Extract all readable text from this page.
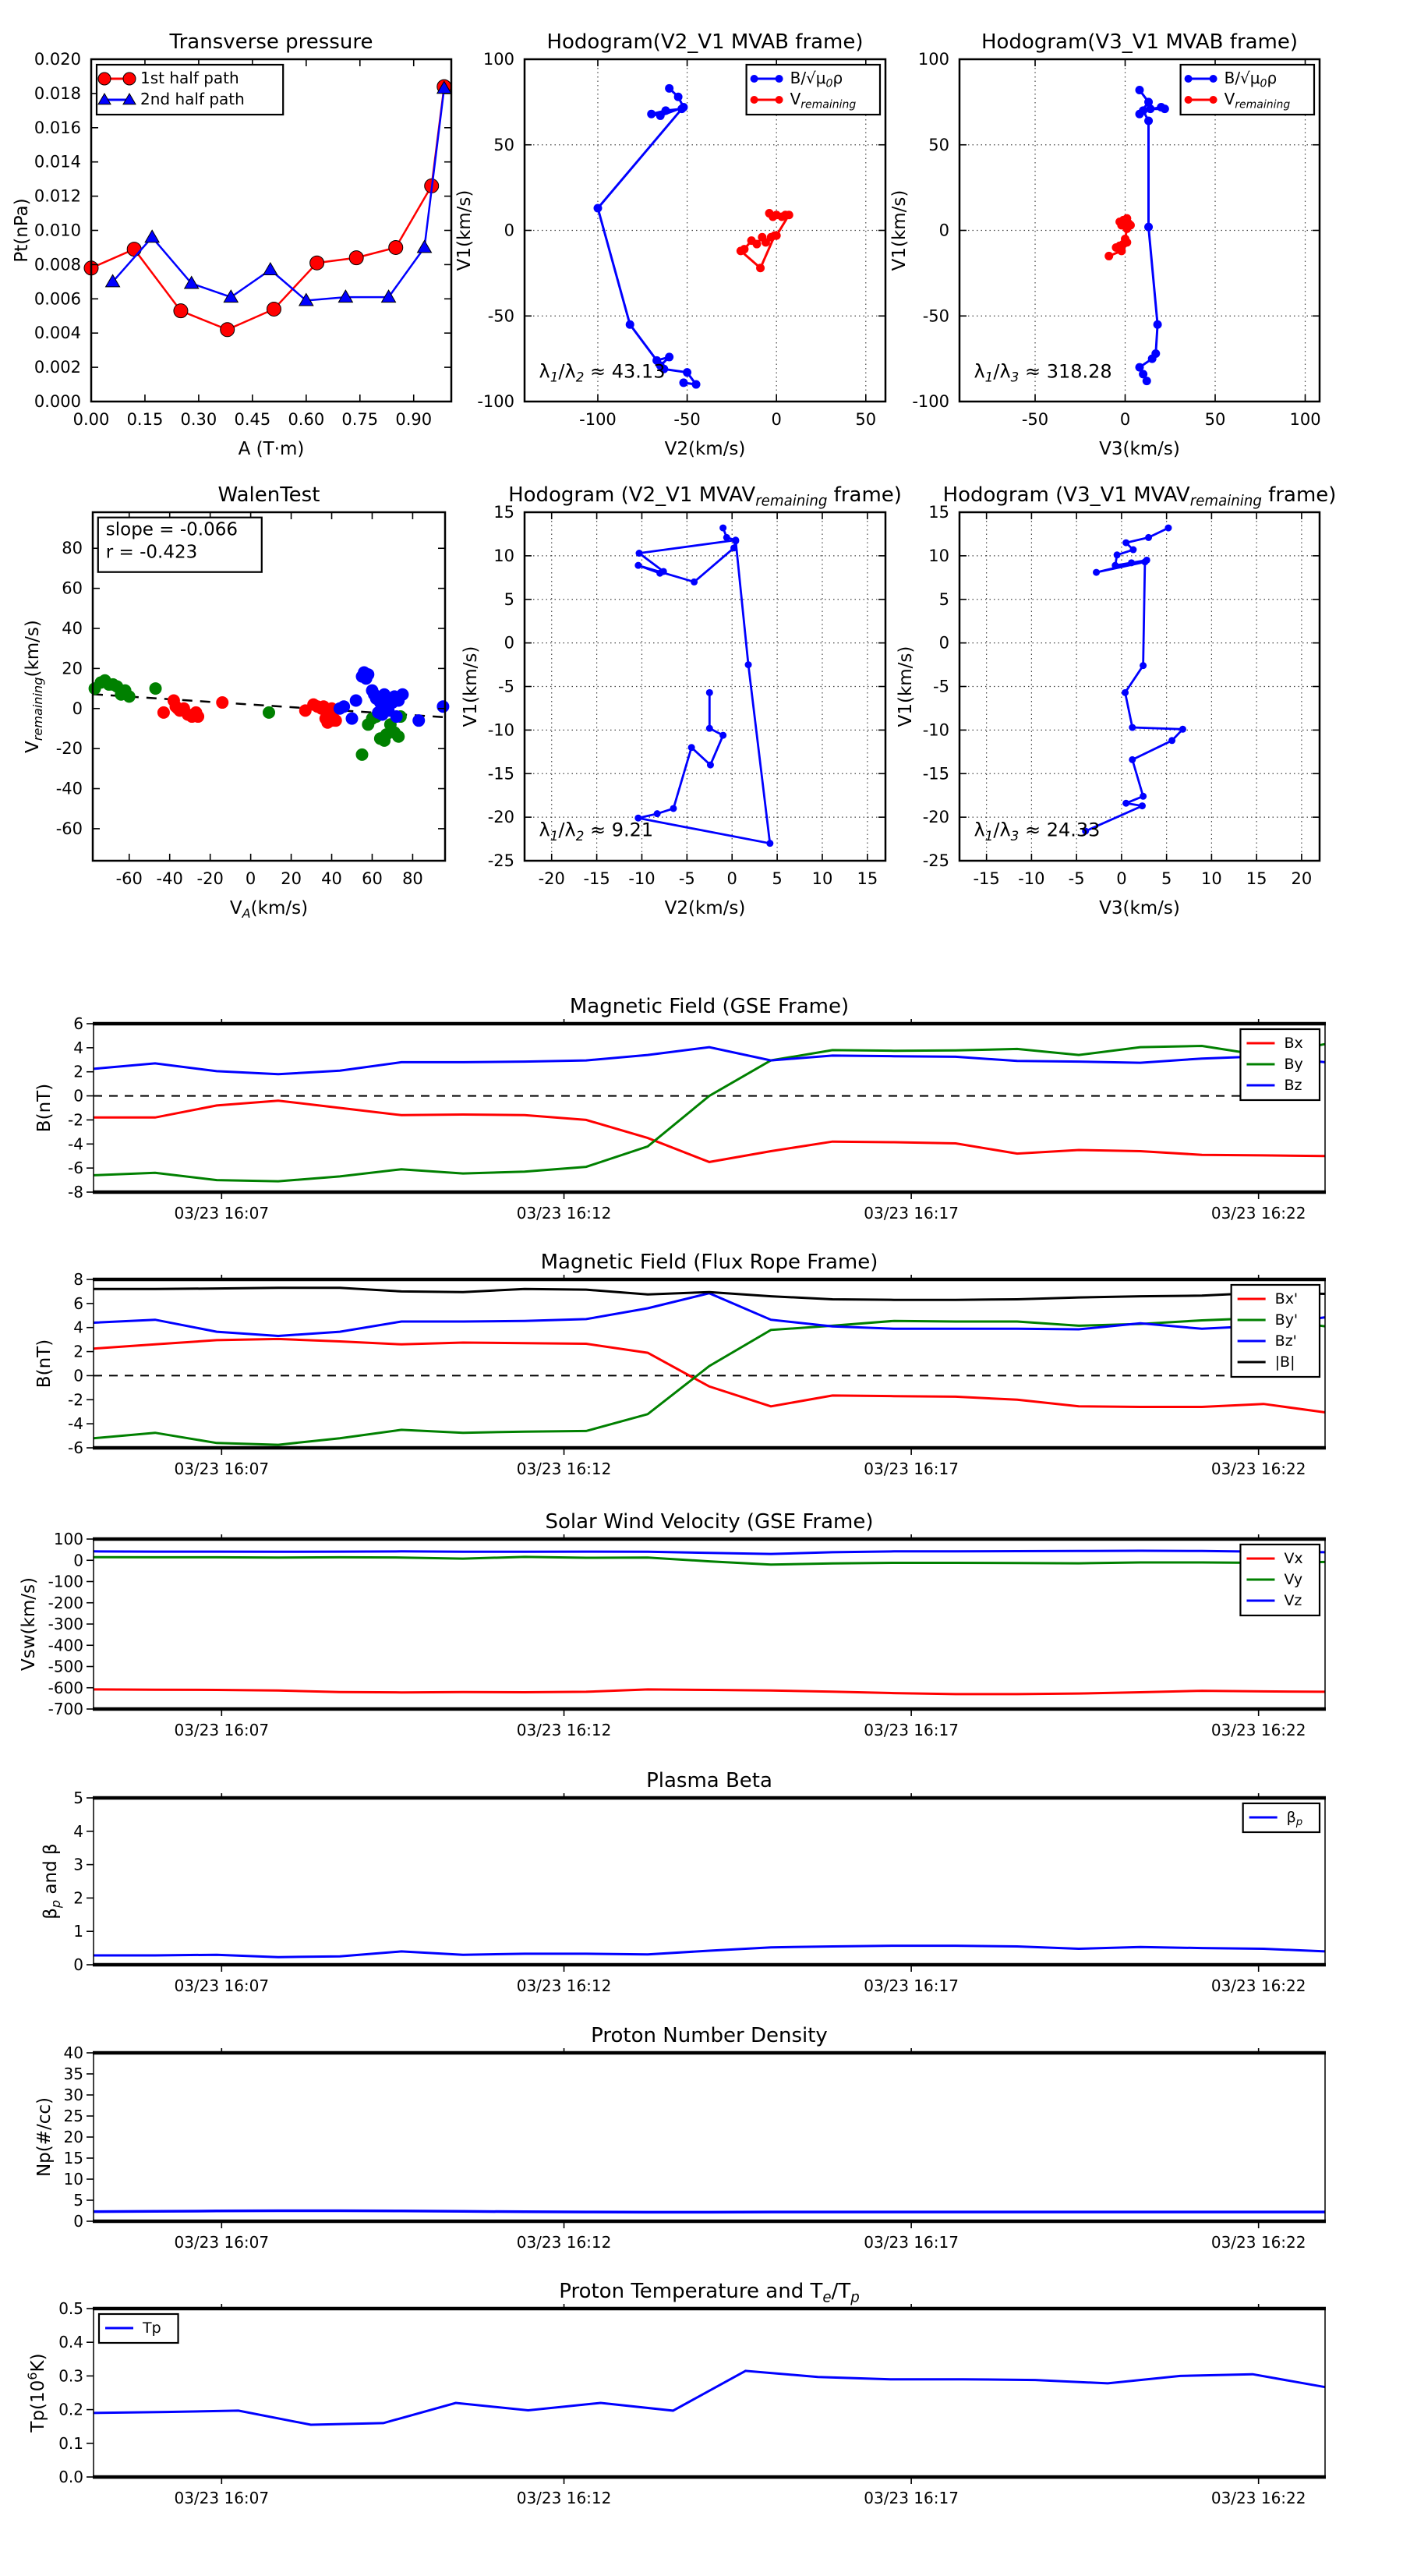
0.00 0.15 0.30 0.45 0.60 0.75 0.90
0.000
0.002
0.004
0.006
0.008
0.010
0.012
0.014
0.016
0.018
0.020
Transverse pressure
A (T·m)
Pt(nPa)
1st half path
2nd half path
-100	-50	0	50
-100
-50
0
50
100
Hodogram(V2_V1 MVAB frame)
V2(km/s)
V1(km/s)
$\lambda_1/\lambda_2 \approx 43.13$
$B/√\mu_0\rho$
$V_{remaining}$
-50	0	50	100
-100
-50
0
50
100
Hodogram(V3_V1 MVAB frame)
V3(km/s)
V1(km/s)
$\lambda_1/\lambda_3 \approx 318.28$
$B/√\mu_0\rho$
$V_{remaining}$
-60 -40 -20 0 20 40 60 80
-60
-40
-20
0
20
40
60
80
WalenTest
$V_A(km/s)$
$V_{remaining}(km/s)$
slope = -0.066
r = -0.423
-20 -15 -10 -5 0 5 10 15
-25
-20
-15
-10
-5
0
5
10
15
Hodogram (V2_V1 $MVAV_{remaining}$ frame)
V2(km/s)
V1(km/s)
$\lambda_1/\lambda_2 \approx 9.21$
-15 -10 -5 0 5 10 15 20
-25
-20
-15
-10
-5
0
5
10
15
Hodogram (V3_V1 $MVAV_{remaining}$ frame)
V3(km/s)
V1(km/s)
$\lambda_1/\lambda_3 \approx 24.33$
03/23 16:07	03/23 16:12	03/23 16:17	03/23 16:22
-8
-6
-4
-2
0
2
4
6
Magnetic Field (GSE Frame)
B(nT)
Bx
By
Bz
03/23 16:07	03/23 16:12	03/23 16:17	03/23 16:22
-6
-4
-2
0
2
4
6
8
Magnetic Field (Flux Rope Frame)
B(nT)
Bx'
By'
Bz'
|B|
03/23 16:07	03/23 16:12	03/23 16:17	03/23 16:22
-700
-600
-500
-400
-300
-200
-100
0
100
Solar Wind Velocity (GSE Frame)
Vsw(km/s)
Vx
Vy
Vz
03/23 16:07	03/23 16:12	03/23 16:17	03/23 16:22
0
1
2
3
4
5
Plasma Beta
$\beta_p$ and β
$\beta_p$
03/23 16:07	03/23 16:12	03/23 16:17	03/23 16:22
0
5
10
15
20
25
30
35
40
Proton Number Density
Np(#/cc)
03/23 16:07	03/23 16:12	03/23 16:17	03/23 16:22
0.0
0.1
0.2
0.3
0.4
0.5
Proton Temperature and $T_e/T_p$
$Tp(10^6K)$
Tp
